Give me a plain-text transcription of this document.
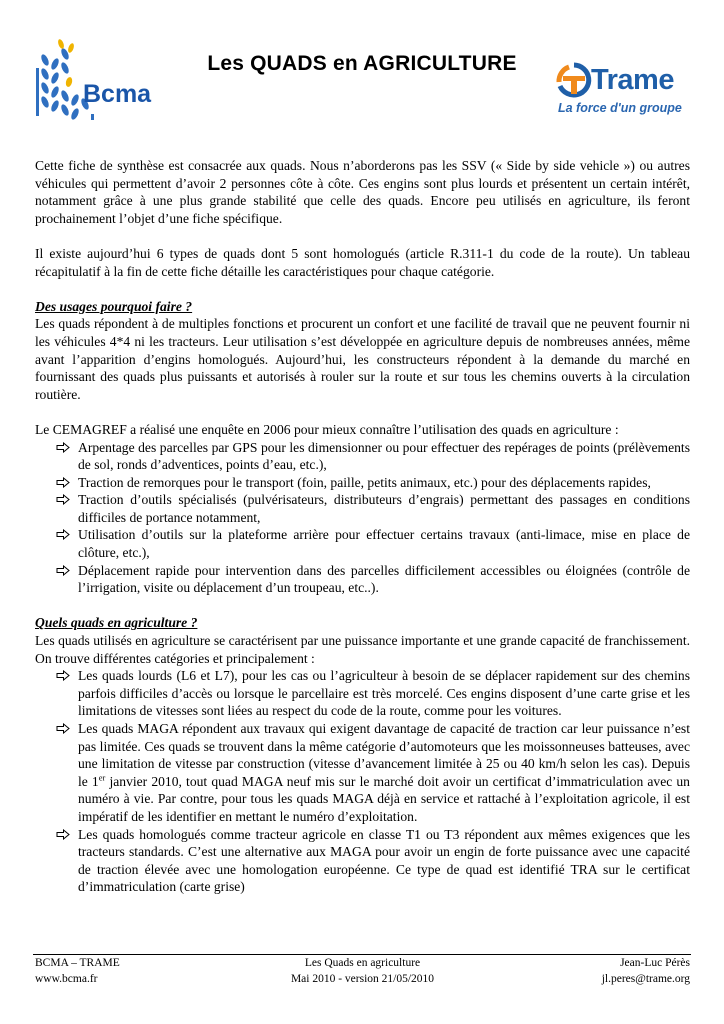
Bcma
Les QUADS en AGRICULTURE
Trame
La force d'un groupe

Cette fiche de synthèse est consacrée aux quads. Nous n’aborderons pas les SSV (« Side by side vehicle ») ou autres véhicules qui permettent d’avoir 2 personnes côte à côte. Ces engins sont plus lourds et présentent un certain intérêt, notamment grâce à une plus grande stabilité que celle des quads. Encore peu utilisés en agriculture, ils feront prochainement l’objet d’une fiche spécifique.

Il existe aujourd’hui 6 types de quads dont 5 sont homologués (article R.311-1 du code de la route). Un tableau récapitulatif à la fin de cette fiche détaille les caractéristiques pour chaque catégorie.

Des usages pourquoi faire ?

Les quads répondent à de multiples fonctions et procurent un confort et une facilité de travail que ne peuvent fournir ni les véhicules 4*4 ni les tracteurs. Leur utilisation s’est développée en agriculture depuis de nombreuses années, même avant l’apparition d’engins homologués. Aujourd’hui, les constructeurs répondent à la demande du marché en fournissant des quads plus puissants et autorisés à rouler sur la route et sur tous les chemins ouverts à la circulation routière.

Le CEMAGREF a réalisé une enquête en 2006 pour mieux connaître l’utilisation des quads en agriculture :

Arpentage des parcelles par GPS pour les dimensionner ou pour effectuer des repérages de points (prélèvements de sol, ronds d’adventices, points d’eau, etc.),
Traction de remorques pour le transport (foin, paille, petits animaux, etc.) pour des déplacements rapides,
Traction d’outils spécialisés (pulvérisateurs, distributeurs d’engrais) permettant des passages en conditions difficiles de portance notamment,
Utilisation d’outils sur la plateforme arrière pour effectuer certains travaux (anti-limace, mise en place de clôture, etc.),
Déplacement rapide pour intervention dans des parcelles difficilement accessibles ou éloignées (contrôle de l’irrigation, visite ou déplacement d’un troupeau, etc..).

Quels quads en agriculture ?

Les quads utilisés en agriculture se caractérisent par une puissance importante et une grande capacité de franchissement. On trouve différentes catégories et principalement :

Les quads lourds (L6 et L7), pour les cas ou l’agriculteur à besoin de se déplacer rapidement sur des chemins parfois difficiles d’accès ou lorsque le parcellaire est très morcelé. Ces engins disposent d’une carte grise et les limitations de vitesses sont liées au respect du code de la route, comme pour les voitures.
Les quads MAGA répondent aux travaux qui exigent davantage de capacité de traction car leur puissance n’est pas limitée. Ces quads se trouvent dans la même catégorie d’automoteurs que les moissonneuses batteuses, avec une limitation de vitesse par construction (vitesse d’avancement limitée à 25 ou 40 km/h selon les cas). Depuis le 1er janvier 2010, tout quad MAGA neuf mis sur le marché doit avoir un certificat d’immatriculation avec un numéro à vie. Par contre, pour tous les quads MAGA déjà en service et rattaché à l’exploitation agricole, il est impératif de les identifier en mettant le numéro d’exploitation.
Les quads homologués comme tracteur agricole en classe T1 ou T3 répondent aux mêmes exigences que les tracteurs standards. C’est une alternative aux MAGA pour avoir un engin de forte puissance avec une capacité de traction élevée avec une homologation européenne. Ce type de quad est identifié TRA sur le certificat d’immatriculation (carte grise)
BCMA – TRAME
www.bcma.fr
Les Quads en agriculture
Mai 2010 - version 21/05/2010
Jean-Luc Pérès
jl.peres@trame.org
